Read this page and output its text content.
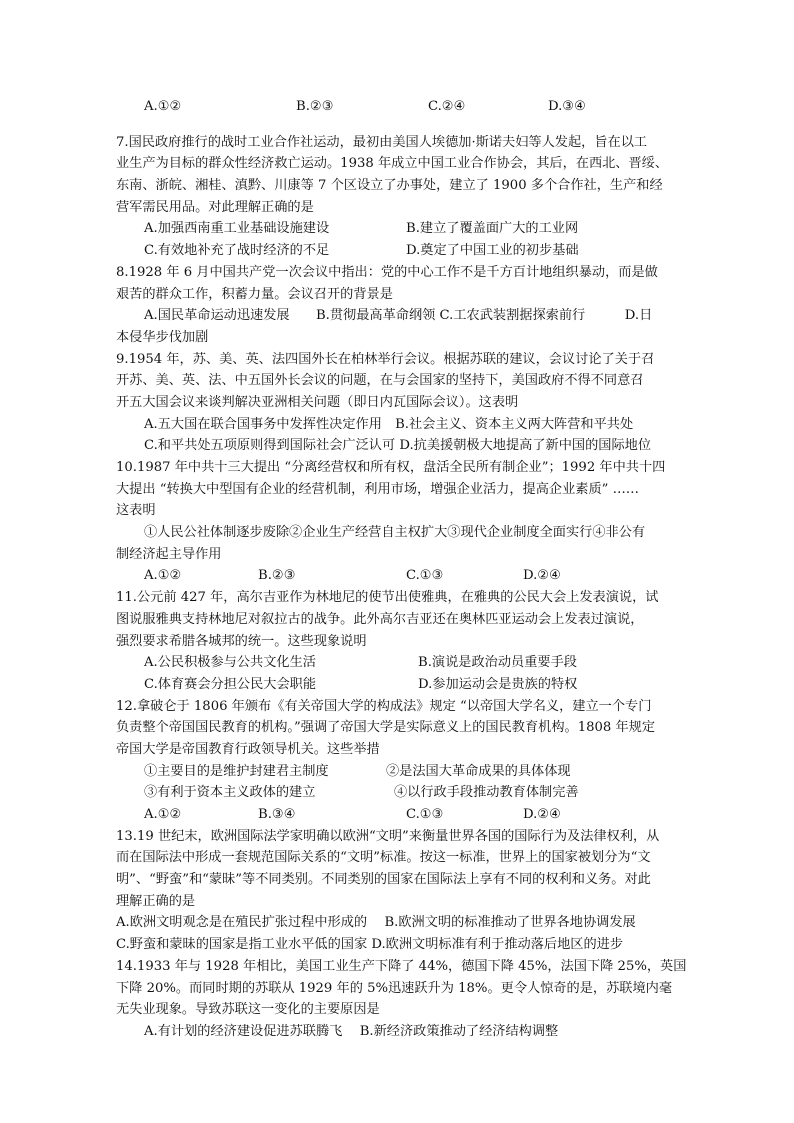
A.①②	B.②③	C.②④	D.③④
7.国民政府推行的战时工业合作社运动，最初由美国人埃德加·斯诺夫妇等人发起，旨在以工
业生产为目标的群众性经济救亡运动。1938 年成立中国工业合作协会，其后，在西北、晋绥、
东南、浙皖、湘桂、滇黔、川康等 7 个区设立了办事处，建立了 1900 多个合作社，生产和经
营军需民用品。对此理解正确的是
A.加强西南重工业基础设施建设	B.建立了覆盖面广大的工业网
C.有效地补充了战时经济的不足	D.奠定了中国工业的初步基础
8.1928 年 6 月中国共产党一次会议中指出：党的中心工作不是千方百计地组织暴动，而是做
艰苦的群众工作，积蓄力量。会议召开的背景是
A.国民革命运动迅速发展　　B.贯彻最高革命纲领 C.工农武装割据探索前行　　　D.日
本侵华步伐加剧
9.1954 年，苏、美、英、法四国外长在柏林举行会议。根据苏联的建议，会议讨论了关于召
开苏、美、英、法、中五国外长会议的问题，在与会国家的坚持下，美国政府不得不同意召
开五大国会议来谈判解决亚洲相关问题（即日内瓦国际会议）。这表明
A.五大国在联合国事务中发挥性决定作用　B.社会主义、资本主义两大阵营和平共处
C.和平共处五项原则得到国际社会广泛认可 D.抗美援朝极大地提高了新中国的国际地位
10.1987 年中共十三大提出 “分离经营权和所有权，盘活全民所有制企业”；1992 年中共十四
大提出 “转换大中型国有企业的经营机制，利用市场，增强企业活力，提高企业素质” ……
这表明
①人民公社体制逐步废除②企业生产经营自主权扩大③现代企业制度全面实行④非公有
制经济起主导作用
A.①②	B.②③	C.①③	D.②④
11.公元前 427 年，高尔吉亚作为林地尼的使节出使雅典，在雅典的公民大会上发表演说，试
图说服雅典支持林地尼对叙拉古的战争。此外高尔吉亚还在奥林匹亚运动会上发表过演说，
强烈要求希腊各城邦的统一。这些现象说明
A.公民积极参与公共文化生活	B.演说是政治动员重要手段
C.体育赛会分担公民大会职能	D.参加运动会是贵族的特权
12.拿破仑于 1806 年颁布《有关帝国大学的构成法》规定 “以帝国大学名义，建立一个专门
负责整个帝国国民教育的机构。”强调了帝国大学是实际意义上的国民教育机构。1808 年规定
帝国大学是帝国教育行政领导机关。这些举措
①主要目的是维护封建君主制度	②是法国大革命成果的具体体现
③有利于资本主义政体的建立	④以行政手段推动教育体制完善
A.①②	B.③④	C.①③	D.②④
13.19 世纪末，欧洲国际法学家明确以欧洲“文明”来衡量世界各国的国际行为及法律权利，从
而在国际法中形成一套规范国际关系的“文明”标准。按这一标准，世界上的国家被划分为“文
明”、“野蛮”和“蒙昧”等不同类别。不同类别的国家在国际法上享有不同的权利和义务。对此
理解正确的是
A.欧洲文明观念是在殖民扩张过程中形成的　 B.欧洲文明的标准推动了世界各地协调发展
C.野蛮和蒙昧的国家是指工业水平低的国家 D.欧洲文明标准有利于推动落后地区的进步
14.1933 年与 1928 年相比，美国工业生产下降了 44%，德国下降 45%，法国下降 25%，英国
下降 20%。而同时期的苏联从 1929 年的 5%迅速跃升为 18%。更令人惊奇的是，苏联境内毫
无失业现象。导致苏联这一变化的主要原因是
A.有计划的经济建设促进苏联腾飞　 B.新经济政策推动了经济结构调整
